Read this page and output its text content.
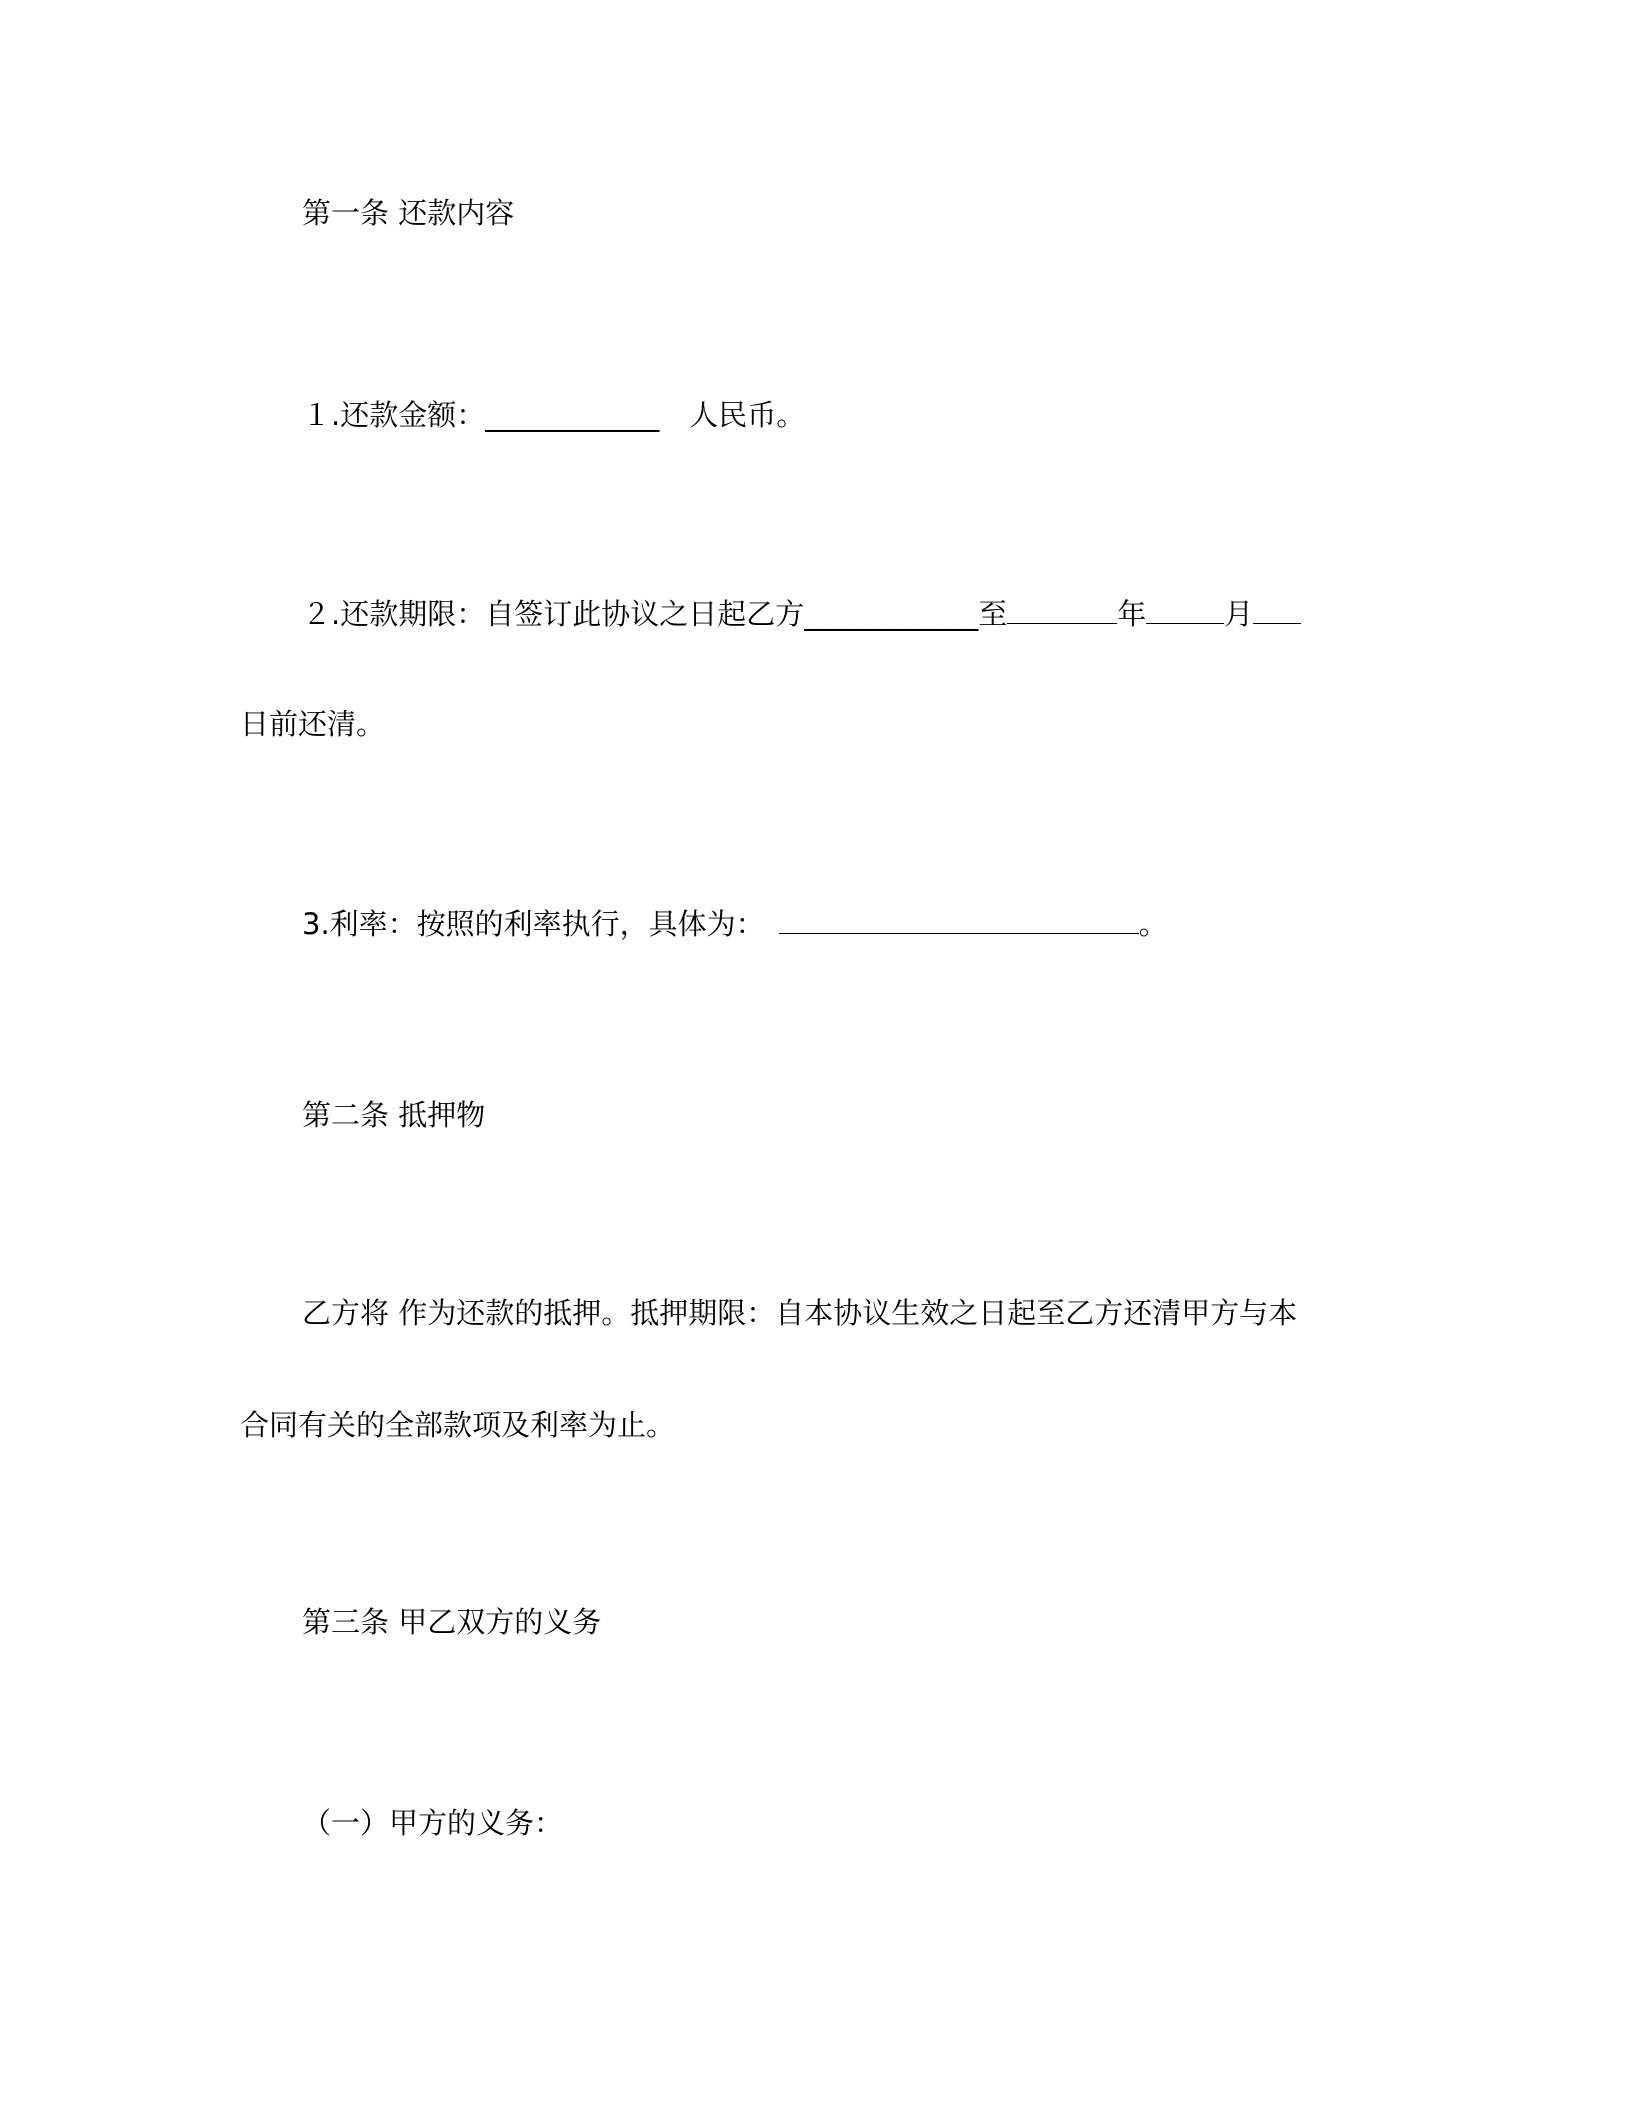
第一条 还款内容
１.还款金额：____________ 人民币。
２.还款期限：自签订此协议之日起乙方____________至	年	月
日前还清。
3.利率：按照的利率执行，具体为：	。
第二条 抵押物
乙方将 作为还款的抵押。抵押期限：自本协议生效之日起至乙方还清甲方与本
合同有关的全部款项及利率为止。
第三条 甲乙双方的义务
（一）甲方的义务：
